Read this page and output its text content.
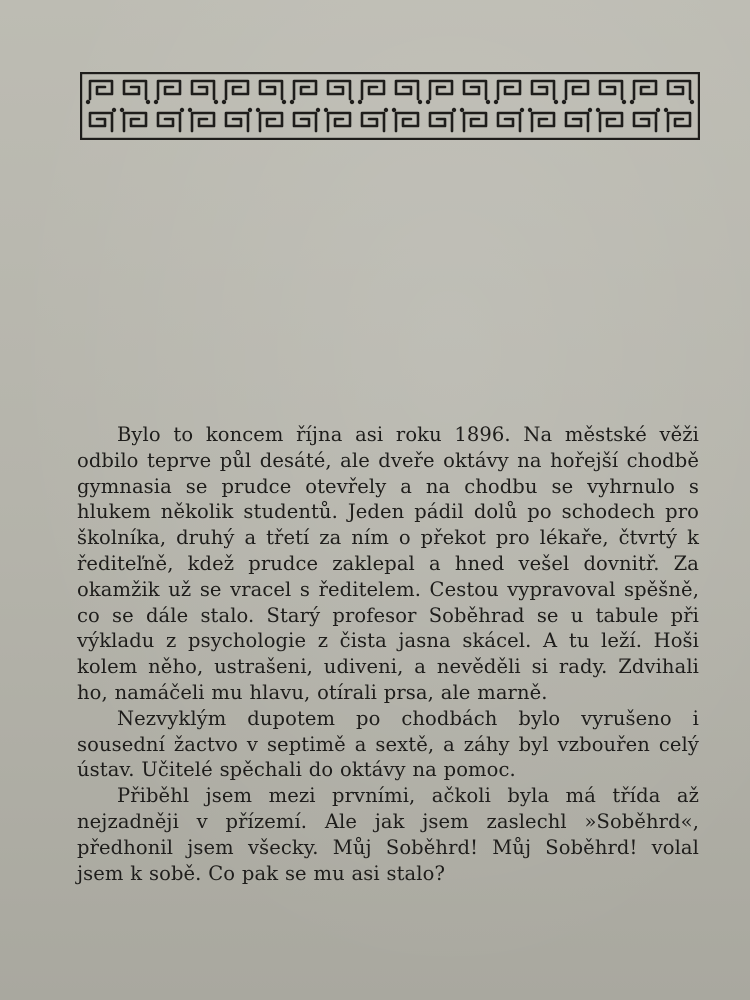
Bylo to koncem října asi roku 1896. Na městské věži odbilo teprve půl desáté, ale dveře oktávy na hořejší chodbě gymnasia se prudce otevřely a na chodbu se vyhrnulo s hlukem několik studentů. Jeden pádil dolů po schodech pro školníka, druhý a třetí za ním o překot pro lékaře, čtvrtý k řediteľně, kdež prudce zaklepal a hned vešel dovnitř. Za okamžik už se vracel s ředitelem. Cestou vypravoval spěšně, co se dále stalo. Starý profesor Soběhrad se u tabule při výkladu z psychologie z čista jasna skácel. A tu leží. Hoši kolem něho, ustrašeni, udiveni, a nevěděli si rady. Zdvihali ho, namáčeli mu hlavu, otírali prsa, ale marně.

Nezvyklým dupotem po chodbách bylo vyrušeno i sousední žactvo v septimě a sextě, a záhy byl vzbouřen celý ústav. Učitelé spěchali do oktávy na pomoc.

Přiběhl jsem mezi prvními, ačkoli byla má třída až nejzadněji v přízemí. Ale jak jsem zaslechl »Soběhrd«, předhonil jsem všecky. Můj Soběhrd! Můj Soběhrd! volal jsem k sobě. Co pak se mu asi stalo?
